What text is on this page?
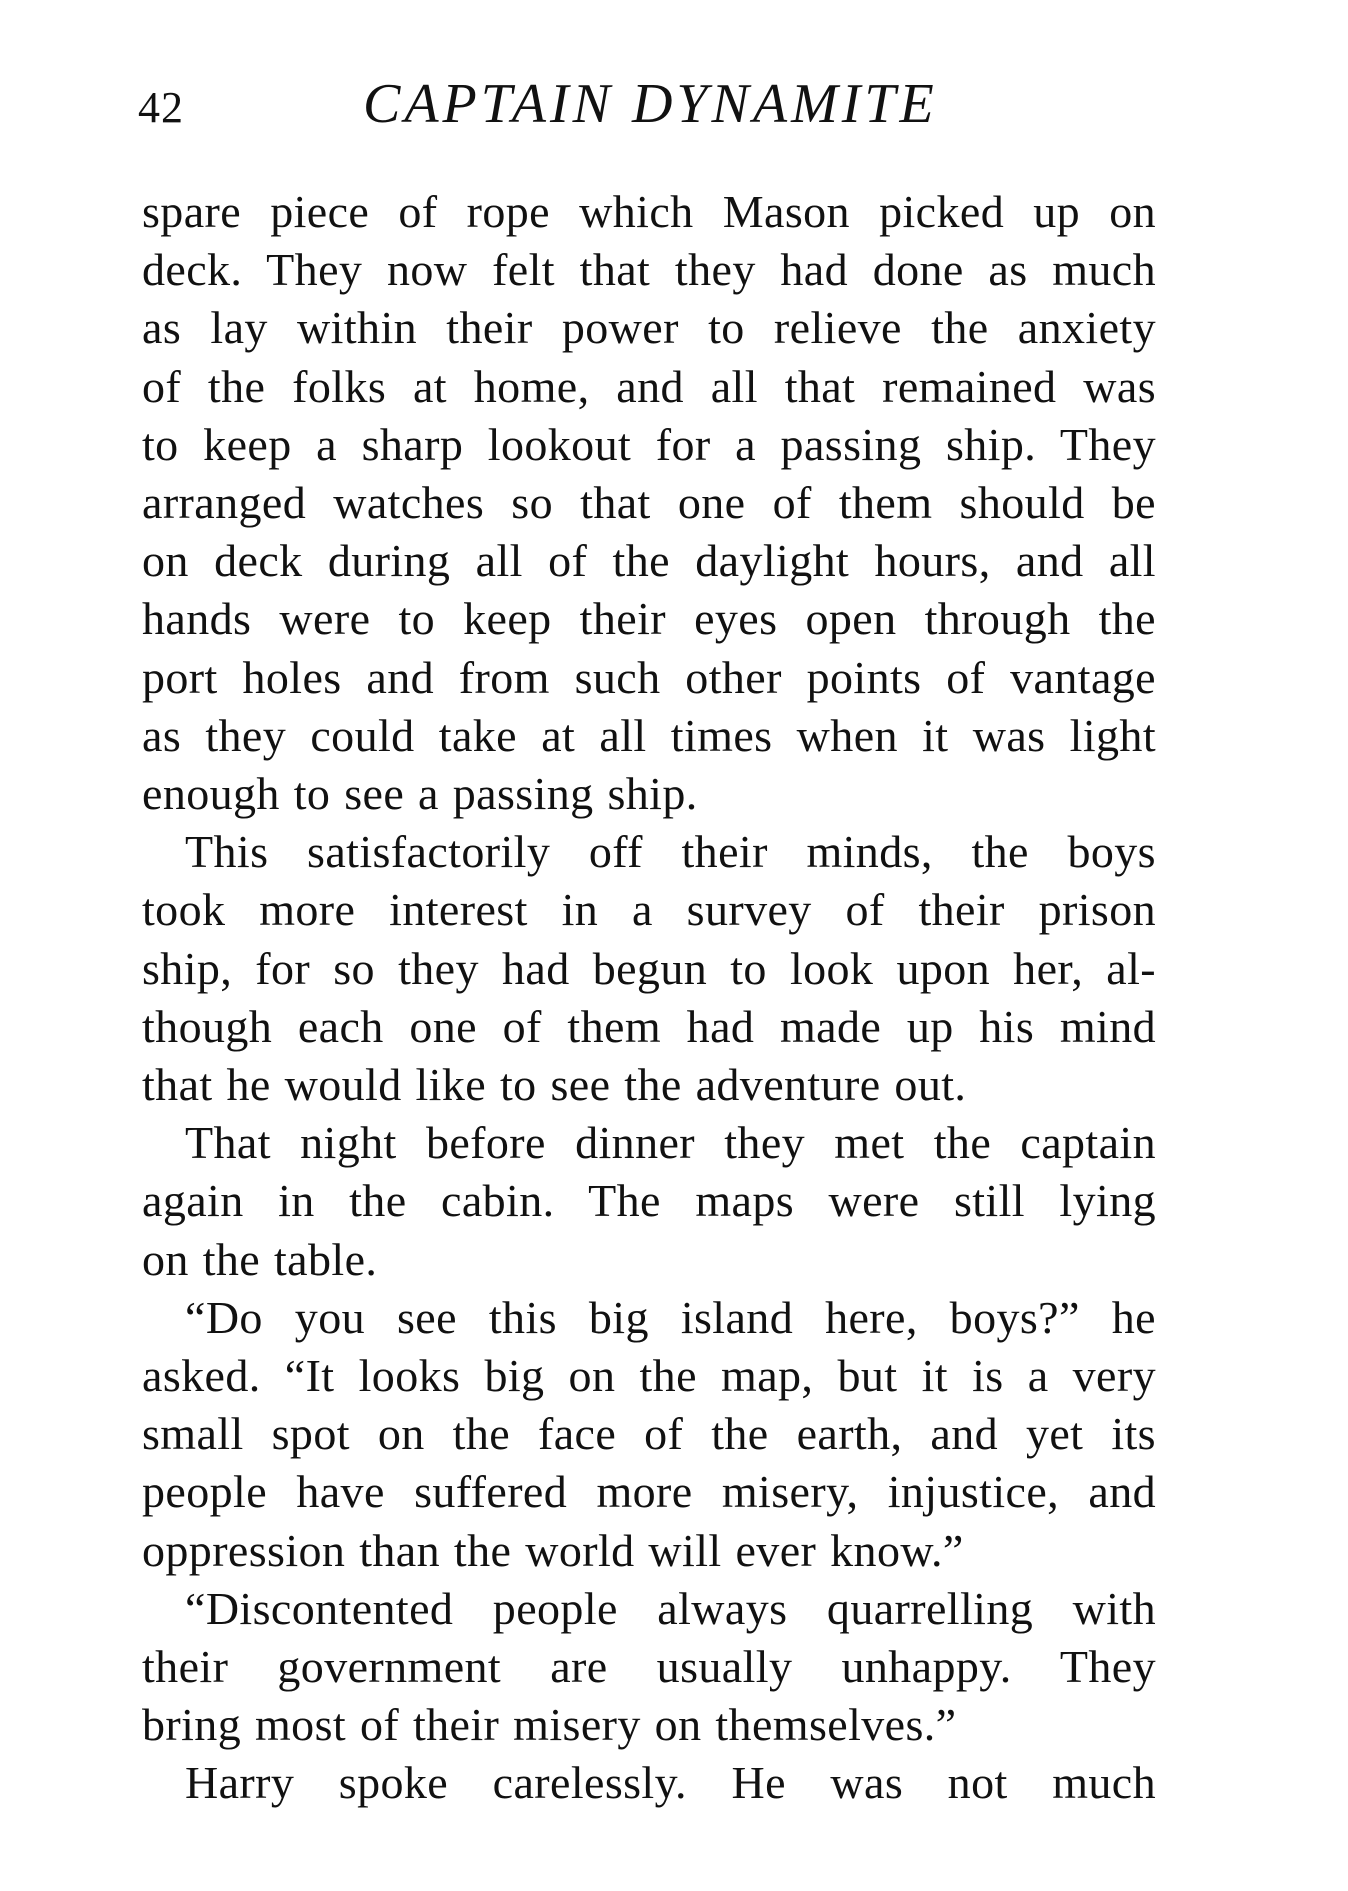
42	CAPTAIN DYNAMITE
spare piece of rope which Mason picked up on
deck. They now felt that they had done as much
as lay within their power to relieve the anxiety
of the folks at home, and all that remained was
to keep a sharp lookout for a passing ship. They
arranged watches so that one of them should be
on deck during all of the daylight hours, and all
hands were to keep their eyes open through the
port holes and from such other points of vantage
as they could take at all times when it was light
enough to see a passing ship.
This satisfactorily off their minds, the boys
took more interest in a survey of their prison
ship, for so they had begun to look upon her, al-
though each one of them had made up his mind
that he would like to see the adventure out.
That night before dinner they met the captain
again in the cabin. The maps were still lying
on the table.
“Do you see this big island here, boys?” he
asked. “It looks big on the map, but it is a very
small spot on the face of the earth, and yet its
people have suffered more misery, injustice, and
oppression than the world will ever know.”
“Discontented people always quarrelling with
their government are usually unhappy. They
bring most of their misery on themselves.”
Harry spoke carelessly. He was not much
